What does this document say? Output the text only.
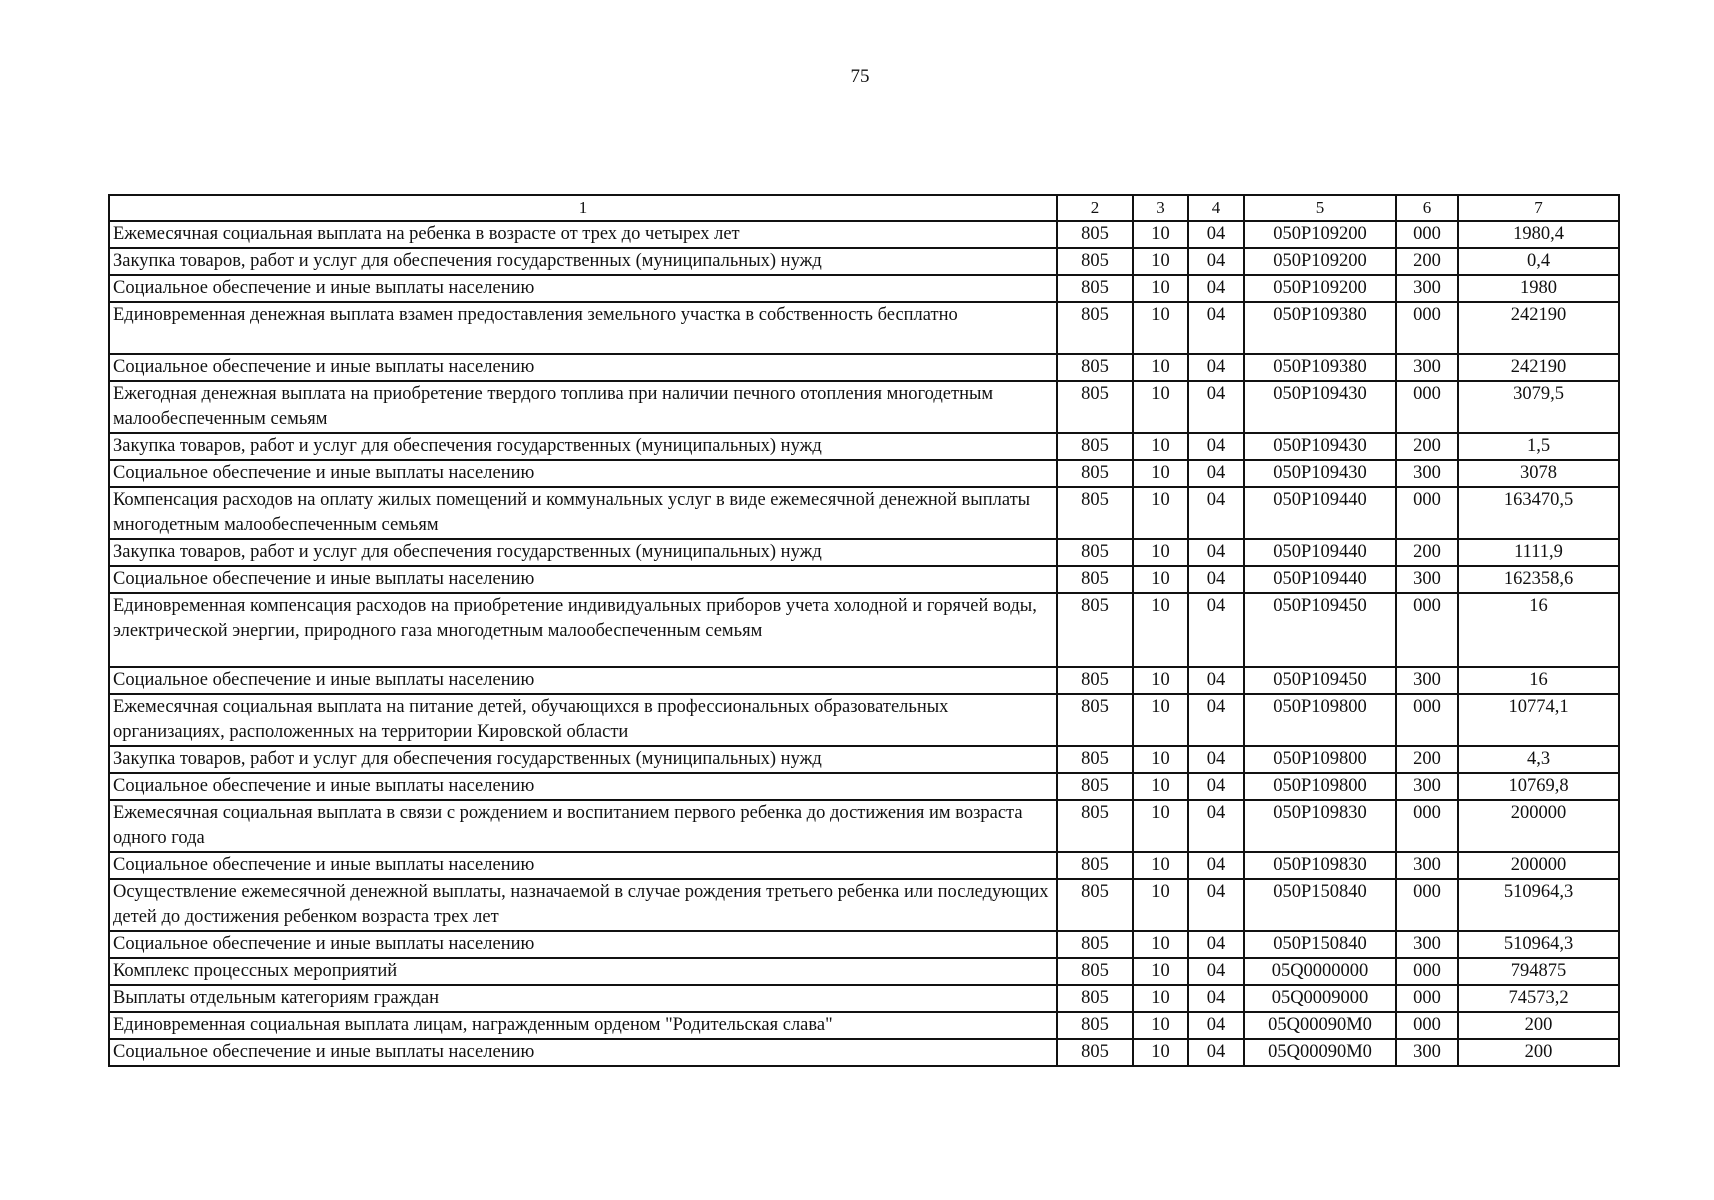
75
1	2	3	4	5	6	7
Ежемесячная социальная выплата на ребенка в возрасте от трех до четырех лет	805	10	04	050Р109200	000	1980,4
Закупка товаров, работ и услуг для обеспечения государственных (муниципальных) нужд	805	10	04	050Р109200	200	0,4
Социальное обеспечение и иные выплаты населению	805	10	04	050Р109200	300	1980
Единовременная денежная выплата взамен предоставления земельного участка в собственность бесплатно	805	10	04	050Р109380	000	242190
Социальное обеспечение и иные выплаты населению	805	10	04	050Р109380	300	242190
Ежегодная денежная выплата на приобретение твердого топлива при наличии печного отопления многодетным малообеспеченным семьям	805	10	04	050Р109430	000	3079,5
Закупка товаров, работ и услуг для обеспечения государственных (муниципальных) нужд	805	10	04	050Р109430	200	1,5
Социальное обеспечение и иные выплаты населению	805	10	04	050Р109430	300	3078
Компенсация расходов на оплату жилых помещений и коммунальных услуг в виде ежемесячной денежной выплаты многодетным малообеспеченным семьям	805	10	04	050Р109440	000	163470,5
Закупка товаров, работ и услуг для обеспечения государственных (муниципальных) нужд	805	10	04	050Р109440	200	1111,9
Социальное обеспечение и иные выплаты населению	805	10	04	050Р109440	300	162358,6
Единовременная компенсация расходов на приобретение индивидуальных приборов учета холодной и горячей воды, электрической энергии, природного газа многодетным малообеспеченным семьям	805	10	04	050Р109450	000	16
Социальное обеспечение и иные выплаты населению	805	10	04	050Р109450	300	16
Ежемесячная социальная выплата на питание детей, обучающихся в профессиональных образовательных организациях, расположенных на территории Кировской области	805	10	04	050Р109800	000	10774,1
Закупка товаров, работ и услуг для обеспечения государственных (муниципальных) нужд	805	10	04	050Р109800	200	4,3
Социальное обеспечение и иные выплаты населению	805	10	04	050Р109800	300	10769,8
Ежемесячная социальная выплата в связи с рождением и воспитанием первого ребенка до достижения им возраста одного года	805	10	04	050Р109830	000	200000
Социальное обеспечение и иные выплаты населению	805	10	04	050Р109830	300	200000
Осуществление ежемесячной денежной выплаты, назначаемой в случае рождения третьего ребенка или последующих детей до достижения ребенком возраста трех лет	805	10	04	050Р150840	000	510964,3
Социальное обеспечение и иные выплаты населению	805	10	04	050Р150840	300	510964,3
Комплекс процессных мероприятий	805	10	04	05Q0000000	000	794875
Выплаты отдельным категориям граждан	805	10	04	05Q0009000	000	74573,2
Единовременная социальная выплата лицам, награжденным орденом "Родительская слава"	805	10	04	05Q00090М0	000	200
Социальное обеспечение и иные выплаты населению	805	10	04	05Q00090М0	300	200
